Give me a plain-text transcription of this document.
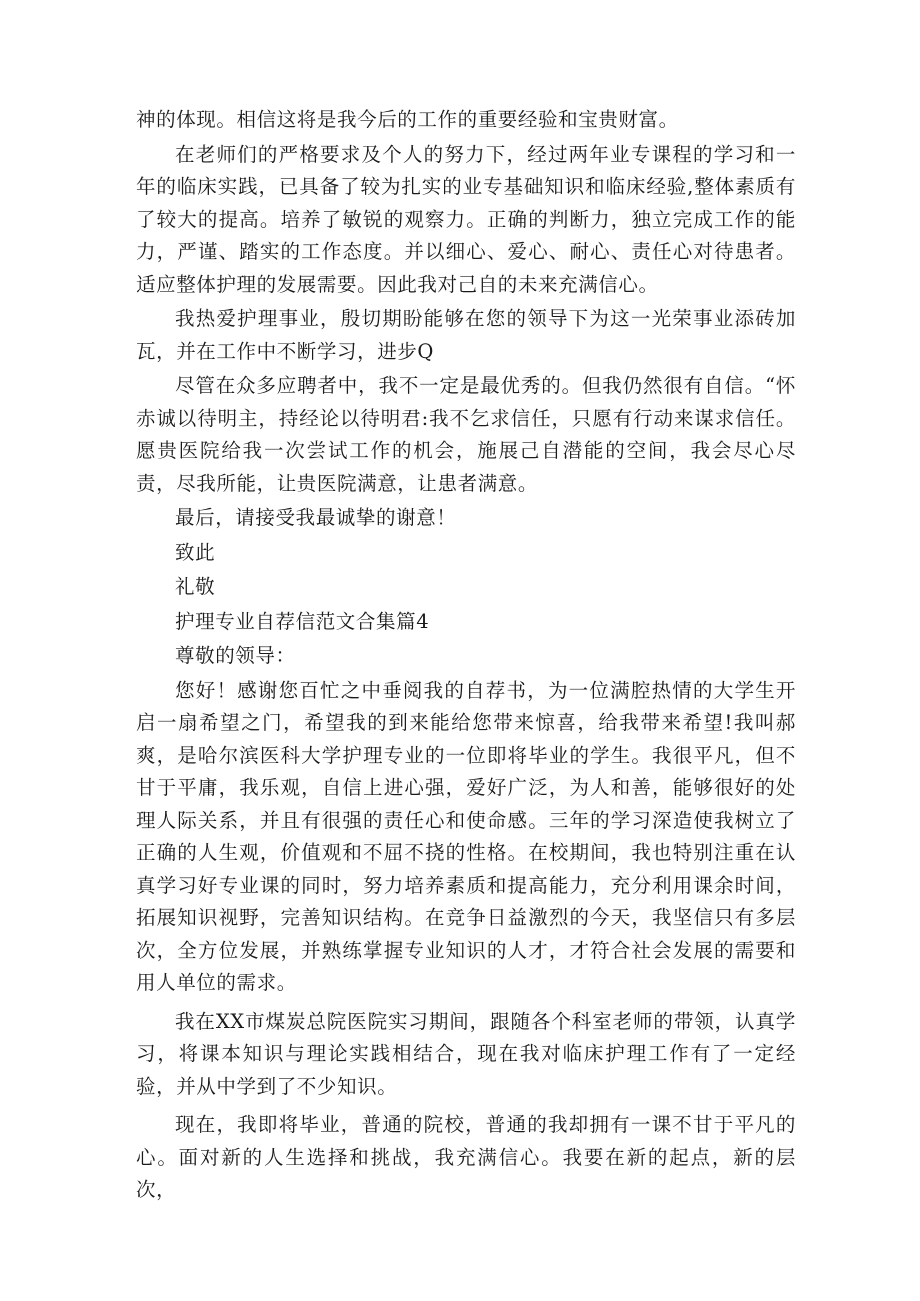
神的体现。相信这将是我今后的工作的重要经验和宝贵财富。

在老师们的严格要求及个人的努力下，经过两年业专课程的学习和一年的临床实践，已具备了较为扎实的业专基础知识和临床经验,整体素质有了较大的提高。培养了敏锐的观察力。正确的判断力，独立完成工作的能力，严谨、踏实的工作态度。并以细心、爱心、耐心、责任心对待患者。适应整体护理的发展需要。因此我对己自的未来充满信心。

我热爱护理事业，殷切期盼能够在您的领导下为这一光荣事业添砖加瓦，并在工作中不断学习，进步Q

尽管在众多应聘者中，我不一定是最优秀的。但我仍然很有自信。“怀赤诚以待明主，持经论以待明君:我不乞求信任，只愿有行动来谋求信任。愿贵医院给我一次尝试工作的机会，施展己自潜能的空间，我会尽心尽责，尽我所能，让贵医院满意，让患者满意。

最后，请接受我最诚挚的谢意！

致此

礼敬

护理专业自荐信范文合集篇4

尊敬的领导：

您好！感谢您百忙之中垂阅我的自荐书，为一位满腔热情的大学生开启一扇希望之门，希望我的到来能给您带来惊喜，给我带来希望!我叫郝爽，是哈尔滨医科大学护理专业的一位即将毕业的学生。我很平凡，但不甘于平庸，我乐观，自信上进心强，爱好广泛，为人和善，能够很好的处理人际关系，并且有很强的责任心和使命感。三年的学习深造使我树立了正确的人生观，价值观和不屈不挠的性格。在校期间，我也特别注重在认真学习好专业课的同时，努力培养素质和提高能力，充分利用课余时间，拓展知识视野，完善知识结构。在竞争日益激烈的今天，我坚信只有多层次，全方位发展，并熟练掌握专业知识的人才，才符合社会发展的需要和用人单位的需求。

我在XX市煤炭总院医院实习期间，跟随各个科室老师的带领，认真学习，将课本知识与理论实践相结合，现在我对临床护理工作有了一定经验，并从中学到了不少知识。

现在，我即将毕业，普通的院校，普通的我却拥有一课不甘于平凡的心。面对新的人生选择和挑战，我充满信心。我要在新的起点，新的层次，
